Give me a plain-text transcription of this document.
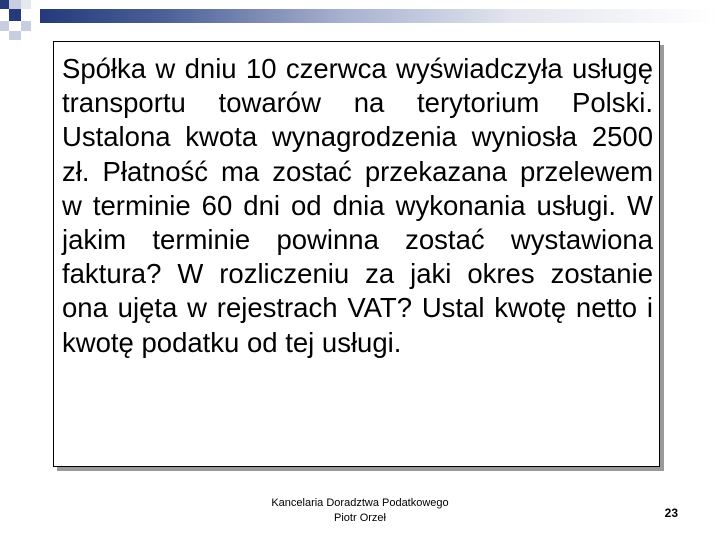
Spółka w dniu 10 czerwca wyświadczyła usługę transportu towarów na terytorium Polski. Ustalona kwota wynagrodzenia wyniosła 2500 zł. Płatność ma zostać przekazana przelewem w terminie 60 dni od dnia wykonania usługi. W jakim terminie powinna zostać wystawiona faktura? W rozliczeniu za jaki okres zostanie ona ujęta w rejestrach VAT? Ustal kwotę netto i kwotę podatku od tej usługi.

Kancelaria Doradztwa Podatkowego
Piotr Orzeł	23
